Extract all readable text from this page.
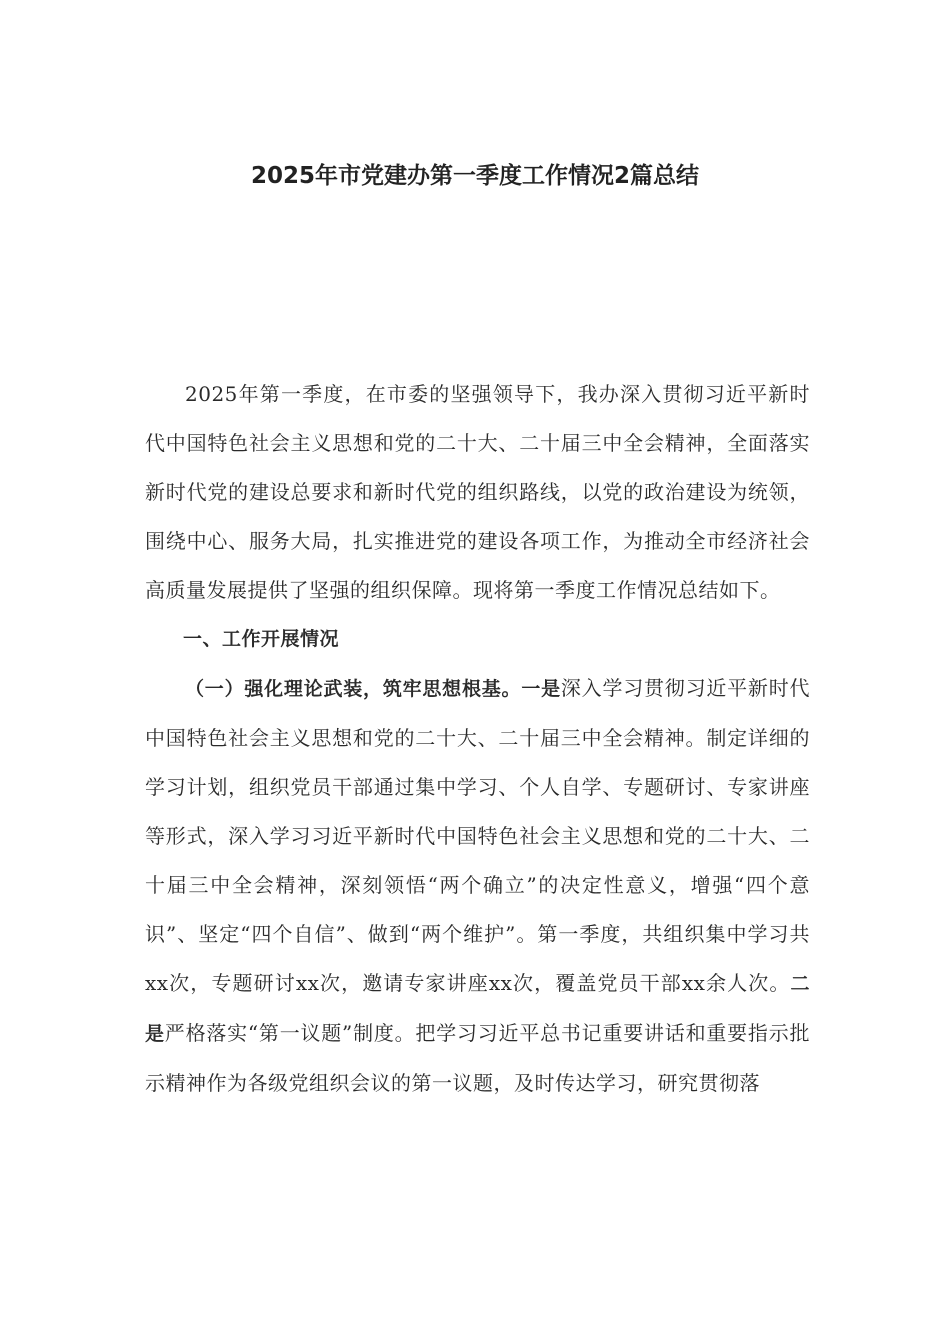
2025年市党建办第一季度工作情况2篇总结

2025年第一季度，在市委的坚强领导下，我办深入贯彻习近平新时代中国特色社会主义思想和党的二十大、二十届三中全会精神，全面落实新时代党的建设总要求和新时代党的组织路线，以党的政治建设为统领，围绕中心、服务大局，扎实推进党的建设各项工作，为推动全市经济社会高质量发展提供了坚强的组织保障。现将第一季度工作情况总结如下。

一、工作开展情况

（一）强化理论武装，筑牢思想根基。一是深入学习贯彻习近平新时代中国特色社会主义思想和党的二十大、二十届三中全会精神。制定详细的学习计划，组织党员干部通过集中学习、个人自学、专题研讨、专家讲座等形式，深入学习习近平新时代中国特色社会主义思想和党的二十大、二十届三中全会精神，深刻领悟“两个确立”的决定性意义，增强“四个意识”、坚定“四个自信”、做到“两个维护”。第一季度，共组织集中学习共xx次，专题研讨xx次，邀请专家讲座xx次，覆盖党员干部xx余人次。二是严格落实“第一议题”制度。把学习习近平总书记重要讲话和重要指示批示精神作为各级党组织会议的第一议题，及时传达学习，研究贯彻落
